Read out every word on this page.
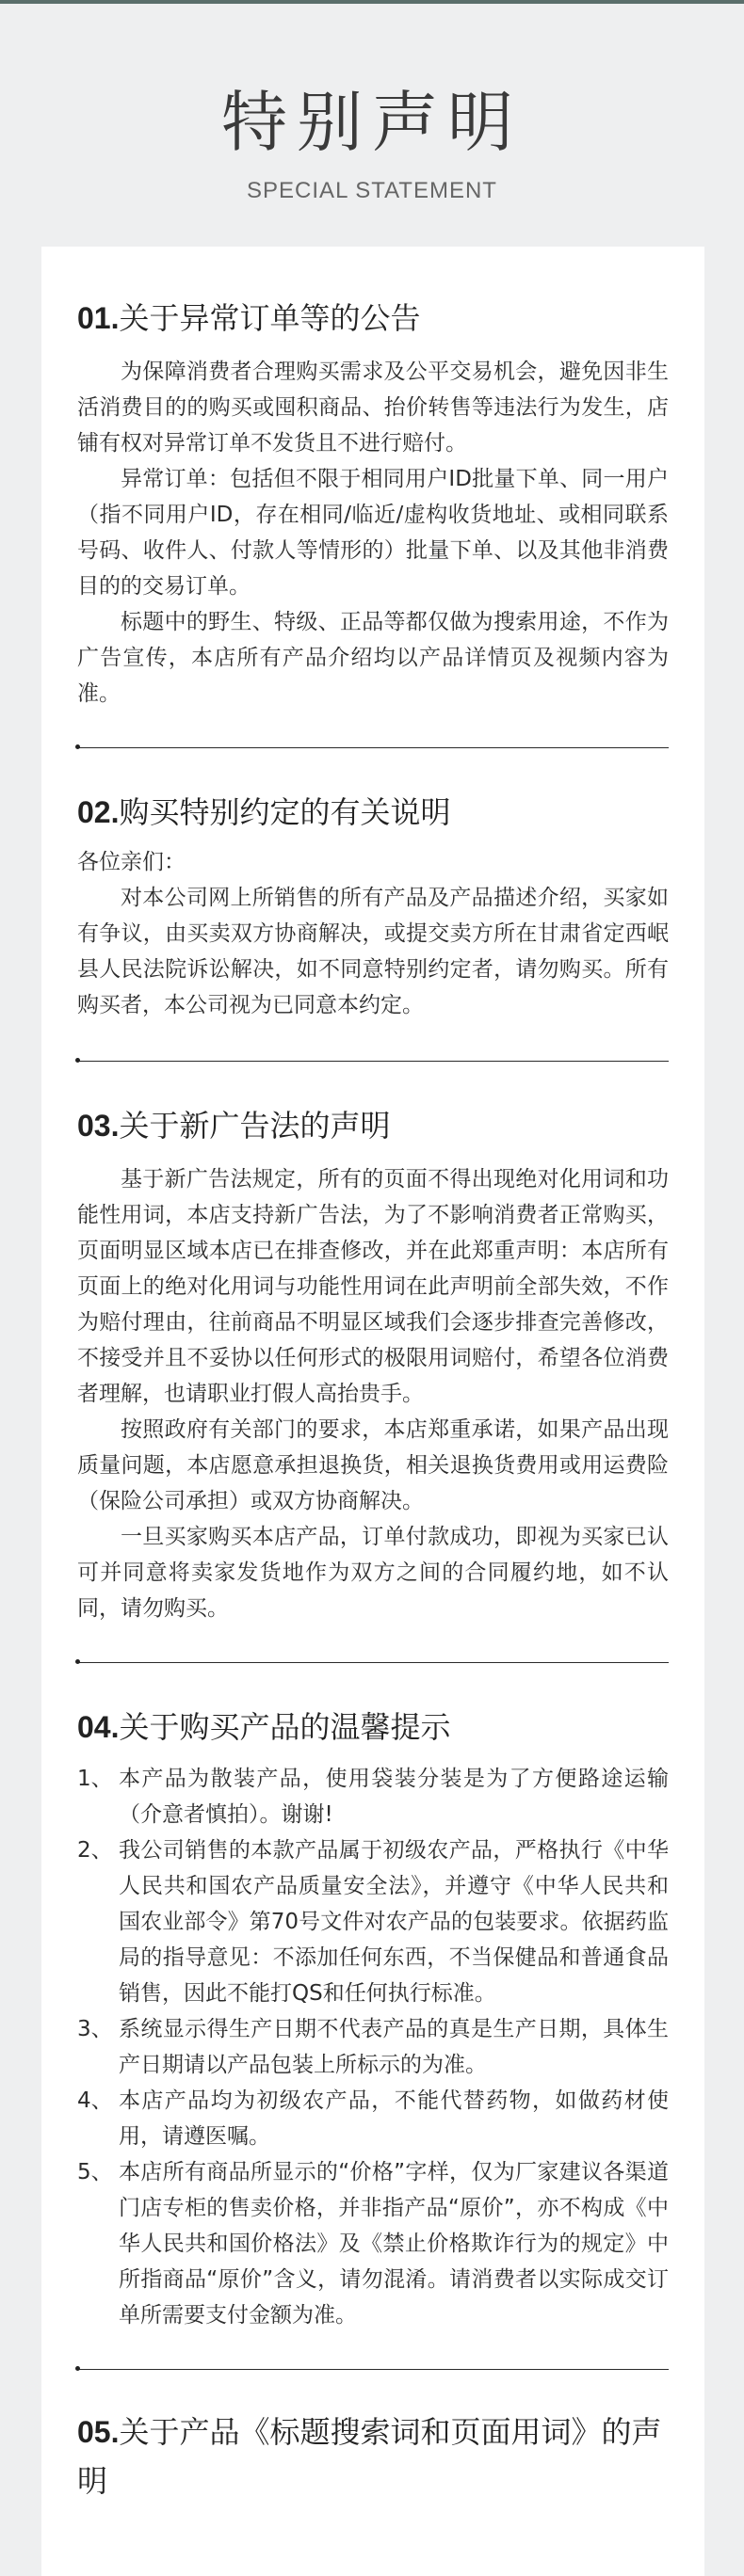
特别声明
SPECIAL STATEMENT
01.关于异常订单等的公告

为保障消费者合理购买需求及公平交易机会，避免因非生活消费目的的购买或囤积商品、抬价转售等违法行为发生，店铺有权对异常订单不发货且不进行赔付。

异常订单：包括但不限于相同用户ID批量下单、同一用户（指不同用户ID，存在相同/临近/虚构收货地址、或相同联系号码、收件人、付款人等情形的）批量下单、以及其他非消费目的的交易订单。

标题中的野生、特级、正品等都仅做为搜索用途，不作为广告宣传，本店所有产品介绍均以产品详情页及视频内容为准。

02.购买特别约定的有关说明

各位亲们：

对本公司网上所销售的所有产品及产品描述介绍，买家如有争议，由买卖双方协商解决，或提交卖方所在甘肃省定西岷县人民法院诉讼解决，如不同意特别约定者，请勿购买。所有购买者，本公司视为已同意本约定。

03.关于新广告法的声明

基于新广告法规定，所有的页面不得出现绝对化用词和功能性用词，本店支持新广告法，为了不影响消费者正常购买，页面明显区域本店已在排查修改，并在此郑重声明：本店所有页面上的绝对化用词与功能性用词在此声明前全部失效，不作为赔付理由，往前商品不明显区域我们会逐步排查完善修改，不接受并且不妥协以任何形式的极限用词赔付，希望各位消费者理解，也请职业打假人高抬贵手。

按照政府有关部门的要求，本店郑重承诺，如果产品出现质量问题，本店愿意承担退换货，相关退换货费用或用运费险（保险公司承担）或双方协商解决。

一旦买家购买本店产品，订单付款成功，即视为买家已认可并同意将卖家发货地作为双方之间的合同履约地，如不认同，请勿购买。

04.关于购买产品的温馨提示
1、 本产品为散装产品，使用袋装分装是为了方便路途运输（介意者慎拍）。谢谢!
2、 我公司销售的本款产品属于初级农产品，严格执行《中华人民共和国农产品质量安全法》，并遵守《中华人民共和国农业部令》第70号文件对农产品的包装要求。依据药监局的指导意见：不添加任何东西，不当保健品和普通食品销售，因此不能打QS和任何执行标准。
3、 系统显示得生产日期不代表产品的真是生产日期，具体生产日期请以产品包装上所标示的为准。
4、 本店产品均为初级农产品，不能代替药物，如做药材使用，请遵医嘱。
5、 本店所有商品所显示的“价格”字样，仅为厂家建议各渠道门店专柜的售卖价格，并非指产品“原价”，亦不构成《中华人民共和国价格法》及《禁止价格欺诈行为的规定》中所指商品“原价”含义，请勿混淆。请消费者以实际成交订单所需要支付金额为准。
05.关于产品《标题搜索词和页面用词》的声明
